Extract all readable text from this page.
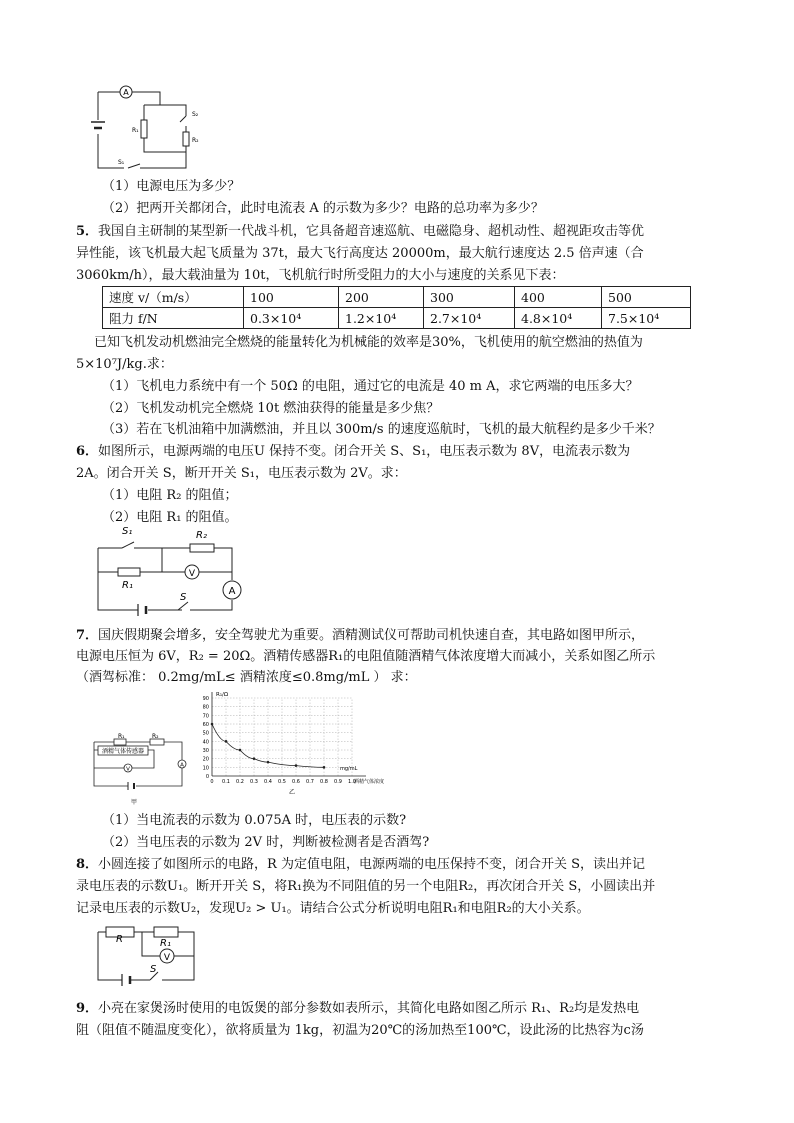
A
S₂
R₁
R₂
S₁
（1）电源电压为多少？
（2）把两开关都闭合，此时电流表 A 的示数为多少？电路的总功率为多少？
5．我国自主研制的某型新一代战斗机，它具备超音速巡航、电磁隐身、超机动性、超视距攻击等优
异性能，该飞机最大起飞质量为 37t，最大飞行高度达 20000m，最大航行速度达 2.5 倍声速（合
3060km/h），最大载油量为 10t，飞机航行时所受阻力的大小与速度的关系见下表：
速度 v/（m/s）	100	200	300	400	500
阻力 f/N	0.3×10⁴	1.2×10⁴	2.7×10⁴	4.8×10⁴	7.5×10⁴
已知飞机发动机燃油完全燃烧的能量转化为机械能的效率是30%，飞机使用的航空燃油的热值为
5×10⁷J/kg.求：
（1）飞机电力系统中有一个 50Ω 的电阻，通过它的电流是 40 m A，求它两端的电压多大？
（2）飞机发动机完全燃烧 10t 燃油获得的能量是多少焦？
（3）若在飞机油箱中加满燃油，并且以 300m/s 的速度巡航时，飞机的最大航程约是多少千米？
6．如图所示，电源两端的电压U 保持不变。闭合开关 S、S₁，电压表示数为 8V，电流表示数为
2A。闭合开关 S，断开开关 S₁，电压表示数为 2V。求：
（1）电阻 R₂ 的阻值；
（2）电阻 R₁ 的阻值。
V
A
S₁	R₂
R₁
S
7．国庆假期聚会增多，安全驾驶尤为重要。酒精测试仪可帮助司机快速自查，其电路如图甲所示，
电源电压恒为 6V，R₂ = 20Ω。酒精传感器R₁的电阻值随酒精气体浓度增大而减小，关系如图乙所示
（酒驾标准： 0.2mg/mL≤ 酒精浓度≤0.8mg/mL ） 求：
酒精气体传感器
V
A
R₁	R₂
甲
0
10
20
30
40
50
60
70
80
90
0 0.1 0.2 0.3 0.4 0.5 0.6 0.7 0.8 0.9 1.0
R₁/Ω
mg/mL
酒精气体浓度
乙
（1）当电流表的示数为 0.075A 时，电压表的示数?
（2）当电压表的示数为 2V 时，判断被检测者是否酒驾?
8．小圆连接了如图所示的电路，R 为定值电阻，电源两端的电压保持不变，闭合开关 S，读出并记
录电压表的示数U₁。断开开关 S，将R₁换为不同阻值的另一个电阻R₂，再次闭合开关 S，小圆读出并
记录电压表的示数U₂，发现U₂ > U₁。请结合公式分析说明电阻R₁和电阻R₂的大小关系。
V
R	R₁
S
9．小亮在家煲汤时使用的电饭煲的部分参数如表所示，其简化电路如图乙所示 R₁、R₂均是发热电
阻（阻值不随温度变化），欲将质量为 1kg，初温为20℃的汤加热至100℃，设此汤的比热容为c汤
